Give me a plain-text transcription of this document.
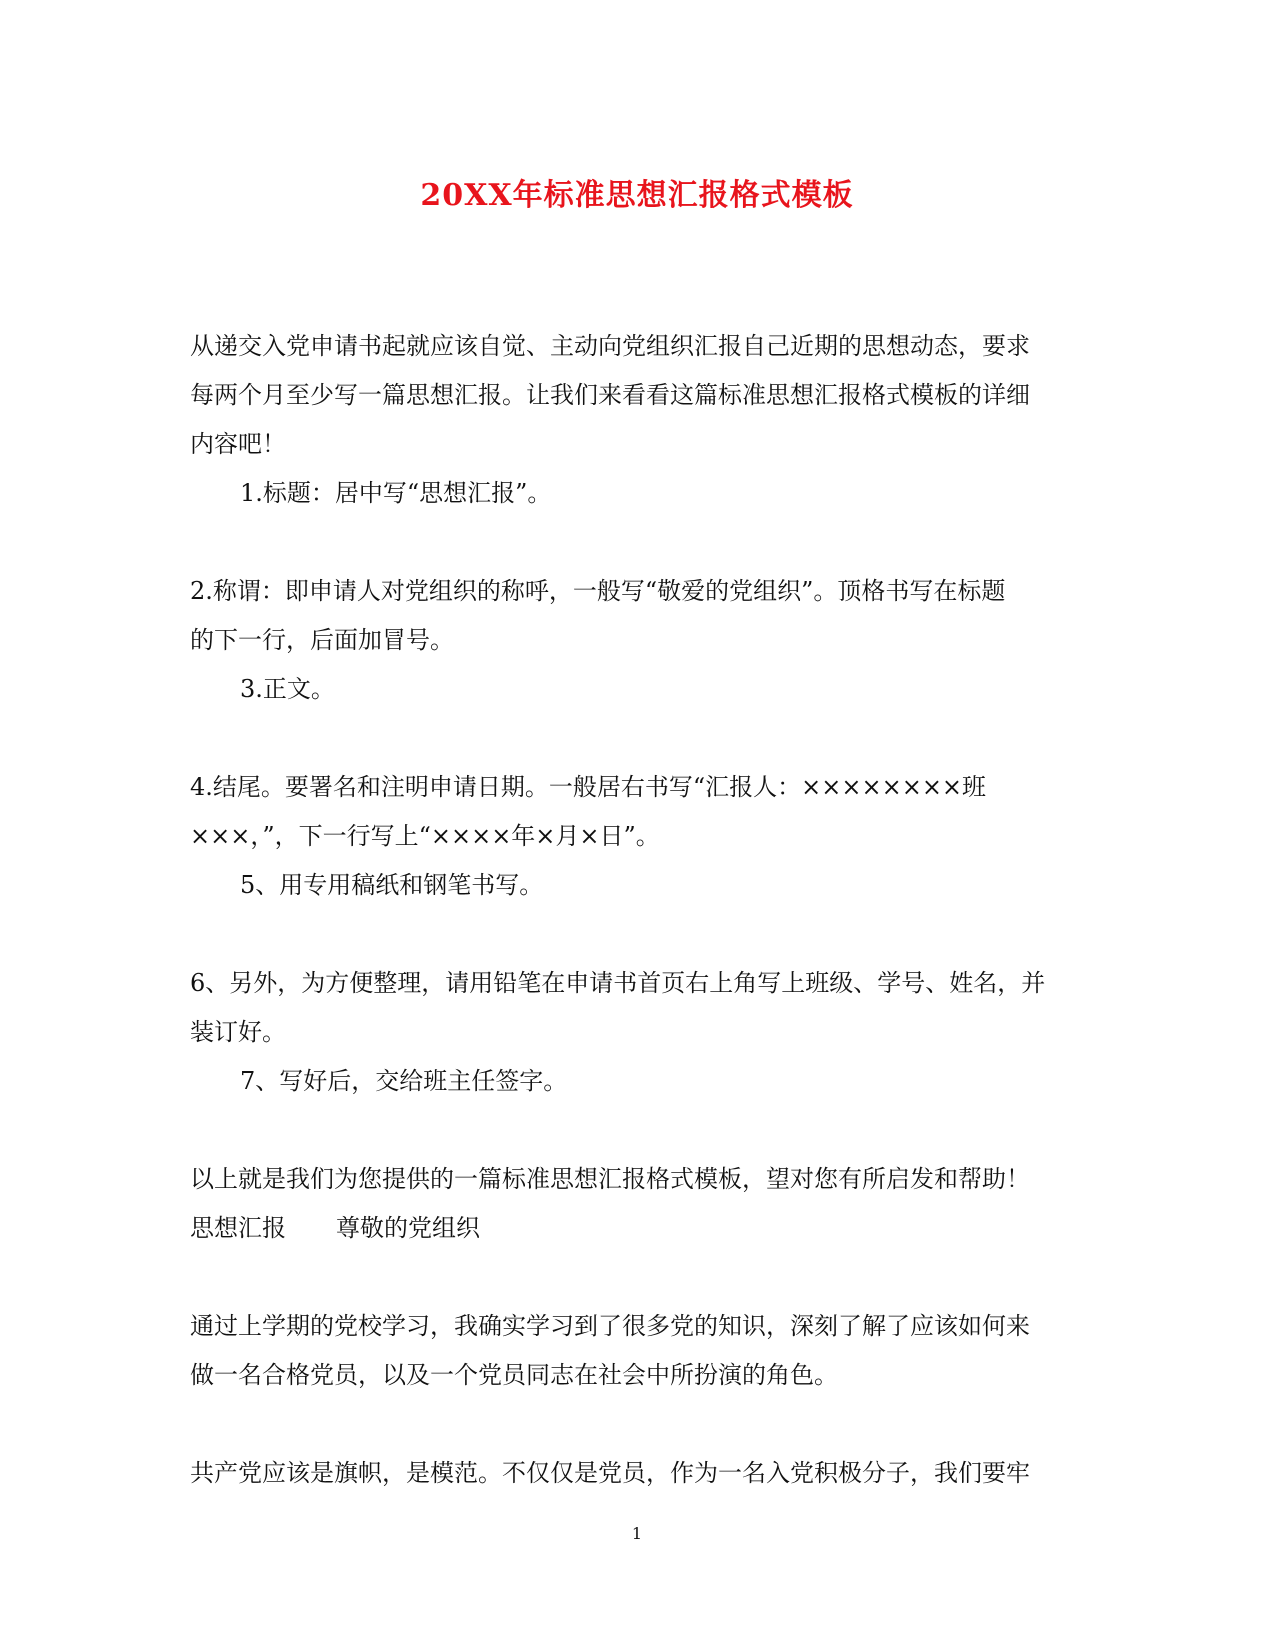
20XX年标准思想汇报格式模板

从递交入党申请书起就应该自觉、主动向党组织汇报自己近期的思想动态，要求

每两个月至少写一篇思想汇报。让我们来看看这篇标准思想汇报格式模板的详细

内容吧！

1.标题：居中写“思想汇报”。

2.称谓：即申请人对党组织的称呼，一般写“敬爱的党组织”。顶格书写在标题

的下一行，后面加冒号。

3.正文。

4.结尾。要署名和注明申请日期。一般居右书写“汇报人：××××××××班

×××，”，下一行写上“××××年×月×日”。

5、用专用稿纸和钢笔书写。

6、另外，为方便整理，请用铅笔在申请书首页右上角写上班级、学号、姓名，并

装订好。

7、写好后，交给班主任签字。

以上就是我们为您提供的一篇标准思想汇报格式模板，望对您有所启发和帮助！

思想汇报 尊敬的党组织

通过上学期的党校学习，我确实学习到了很多党的知识，深刻了解了应该如何来

做一名合格党员，以及一个党员同志在社会中所扮演的角色。

共产党应该是旗帜，是模范。不仅仅是党员，作为一名入党积极分子，我们要牢

1
